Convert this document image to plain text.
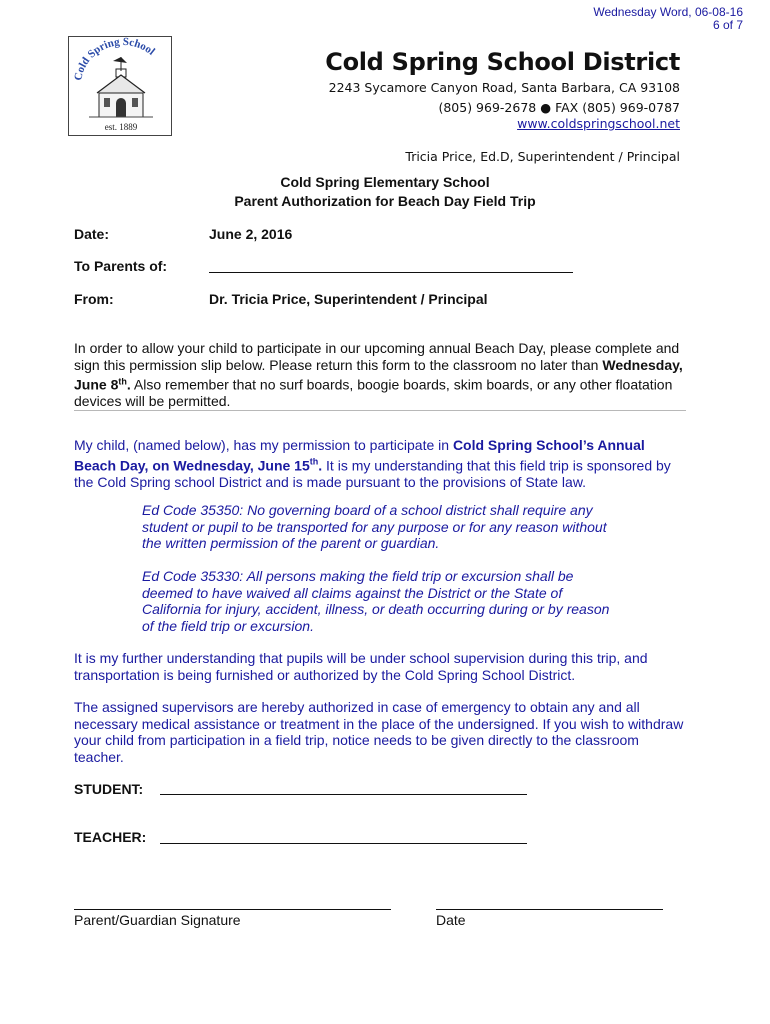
Wednesday Word, 06-08-16
6 of 7
Cold Spring School
est. 1889
Cold Spring School District
2243 Sycamore Canyon Road, Santa Barbara, CA 93108
(805) 969-2678 ● FAX (805) 969-0787
www.coldspringschool.net
Tricia Price, Ed.D, Superintendent / Principal
Cold Spring Elementary School
Parent Authorization for Beach Day Field Trip
Date:	June 2, 2016
To Parents of:
From:	Dr. Tricia Price, Superintendent / Principal
In order to allow your child to participate in our upcoming annual Beach Day, please complete and sign this permission slip below. Please return this form to the classroom no later than Wednesday, June 8th. Also remember that no surf boards, boogie boards, skim boards, or any other floatation devices will be permitted.
My child, (named below), has my permission to participate in Cold Spring School’s Annual Beach Day, on Wednesday, June 15th. It is my understanding that this field trip is sponsored by the Cold Spring school District and is made pursuant to the provisions of State law.
Ed Code 35350: No governing board of a school district shall require any student or pupil to be transported for any purpose or for any reason without the written permission of the parent or guardian.
Ed Code 35330: All persons making the field trip or excursion shall be deemed to have waived all claims against the District or the State of California for injury, accident, illness, or death occurring during or by reason of the field trip or excursion.
It is my further understanding that pupils will be under school supervision during this trip, and transportation is being furnished or authorized by the Cold Spring School District.
The assigned supervisors are hereby authorized in case of emergency to obtain any and all necessary medical assistance or treatment in the place of the undersigned. If you wish to withdraw your child from participation in a field trip, notice needs to be given directly to the classroom teacher.
STUDENT:
TEACHER:
Parent/Guardian Signature	Date
